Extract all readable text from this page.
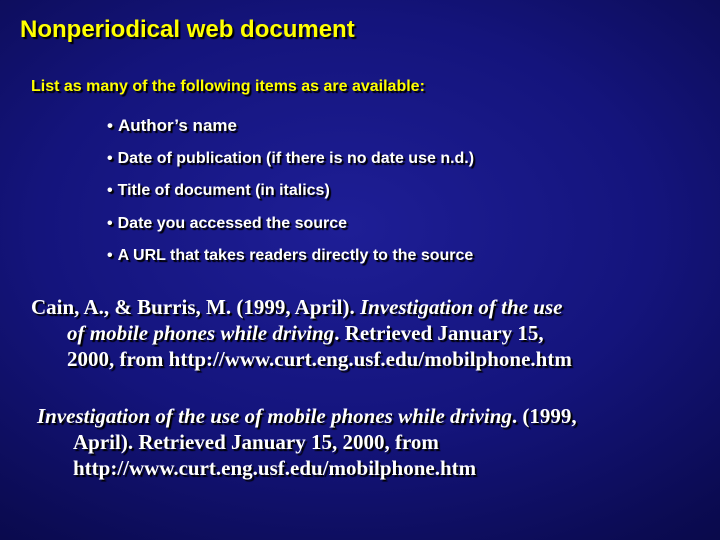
Nonperiodical web document
List as many of the following items as are available:
• Author’s name
• Date of publication (if there is no date use n.d.)
• Title of document (in italics)
• Date you accessed the source
• A URL that takes readers directly to the source
Cain, A., & Burris, M. (1999, April). Investigation of the use
of mobile phones while driving. Retrieved January 15,
2000, from http://www.curt.eng.usf.edu/mobilphone.htm
Investigation of the use of mobile phones while driving. (1999,
April). Retrieved January 15, 2000, from
http://www.curt.eng.usf.edu/mobilphone.htm
